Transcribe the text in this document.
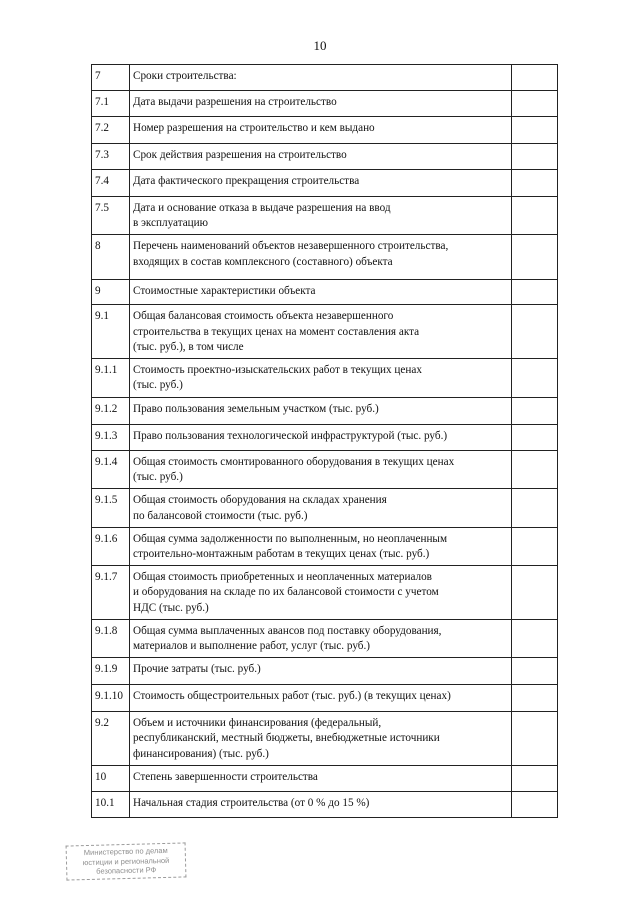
10
7	Сроки строительства:	
7.1	Дата выдачи разрешения на строительство	
7.2	Номер разрешения на строительство и кем выдано	
7.3	Срок действия разрешения на строительство	
7.4	Дата фактического прекращения строительства	
7.5	Дата и основание отказа в выдаче разрешения на ввод
в эксплуатацию	
8	Перечень наименований объектов незавершенного строительства,
входящих в состав комплексного (составного) объекта	
9	Стоимостные характеристики объекта	
9.1	Общая балансовая стоимость объекта незавершенного
строительства в текущих ценах на момент составления акта
(тыс. руб.), в том числе	
9.1.1	Стоимость проектно-изыскательских работ в текущих ценах
(тыс. руб.)	
9.1.2	Право пользования земельным участком (тыс. руб.)	
9.1.3	Право пользования технологической инфраструктурой (тыс. руб.)	
9.1.4	Общая стоимость смонтированного оборудования в текущих ценах
(тыс. руб.)	
9.1.5	Общая стоимость оборудования на складах хранения
по балансовой стоимости (тыс. руб.)	
9.1.6	Общая сумма задолженности по выполненным, но неоплаченным
строительно-монтажным работам в текущих ценах (тыс. руб.)	
9.1.7	Общая стоимость приобретенных и неоплаченных материалов
и оборудования на складе по их балансовой стоимости с учетом
НДС (тыс. руб.)	
9.1.8	Общая сумма выплаченных авансов под поставку оборудования,
материалов и выполнение работ, услуг (тыс. руб.)	
9.1.9	Прочие затраты (тыс. руб.)	
9.1.10	Стоимость общестроительных работ (тыс. руб.) (в текущих ценах)	
9.2	Объем и источники финансирования (федеральный,
республиканский, местный бюджеты, внебюджетные источники
финансирования) (тыс. руб.)	
10	Степень завершенности строительства	
10.1	Начальная стадия строительства (от 0 % до 15 %)	
Министерство по делам
юстиции и региональной
безопасности РФ
